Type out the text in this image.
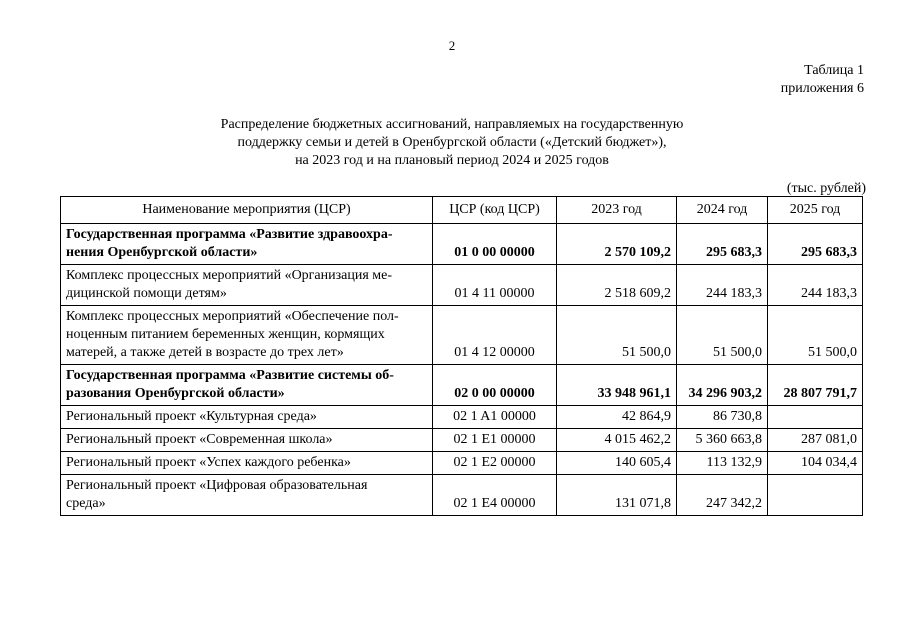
2
Таблица 1
приложения 6
Распределение бюджетных ассигнований, направляемых на государственную
поддержку семьи и детей в Оренбургской области («Детский бюджет»),
на 2023 год и на плановый период 2024 и 2025 годов
(тыс. рублей)
Наименование мероприятия (ЦСР)	ЦСР (код ЦСР)	2023 год	2024 год	2025 год

Государственная программа «Развитие здравоохра-
нения Оренбургской области»	01 0 00 00000	2 570 109,2	295 683,3	295 683,3

Комплекс процессных мероприятий «Организация ме-
дицинской помощи детям»	01 4 11 00000	2 518 609,2	244 183,3	244 183,3

Комплекс процессных мероприятий «Обеспечение пол-
ноценным питанием беременных женщин, кормящих
матерей, а также детей в возрасте до трех лет»	01 4 12 00000	51 500,0	51 500,0	51 500,0

Государственная программа «Развитие системы об-
разования Оренбургской области»	02 0 00 00000	33 948 961,1	34 296 903,2	28 807 791,7

Региональный проект «Культурная среда»	02 1 A1 00000	42 864,9	86 730,8	

Региональный проект «Современная школа»	02 1 E1 00000	4 015 462,2	5 360 663,8	287 081,0

Региональный проект «Успех каждого ребенка»	02 1 E2 00000	140 605,4	113 132,9	104 034,4

Региональный проект «Цифровая образовательная
среда»	02 1 E4 00000	131 071,8	247 342,2	
